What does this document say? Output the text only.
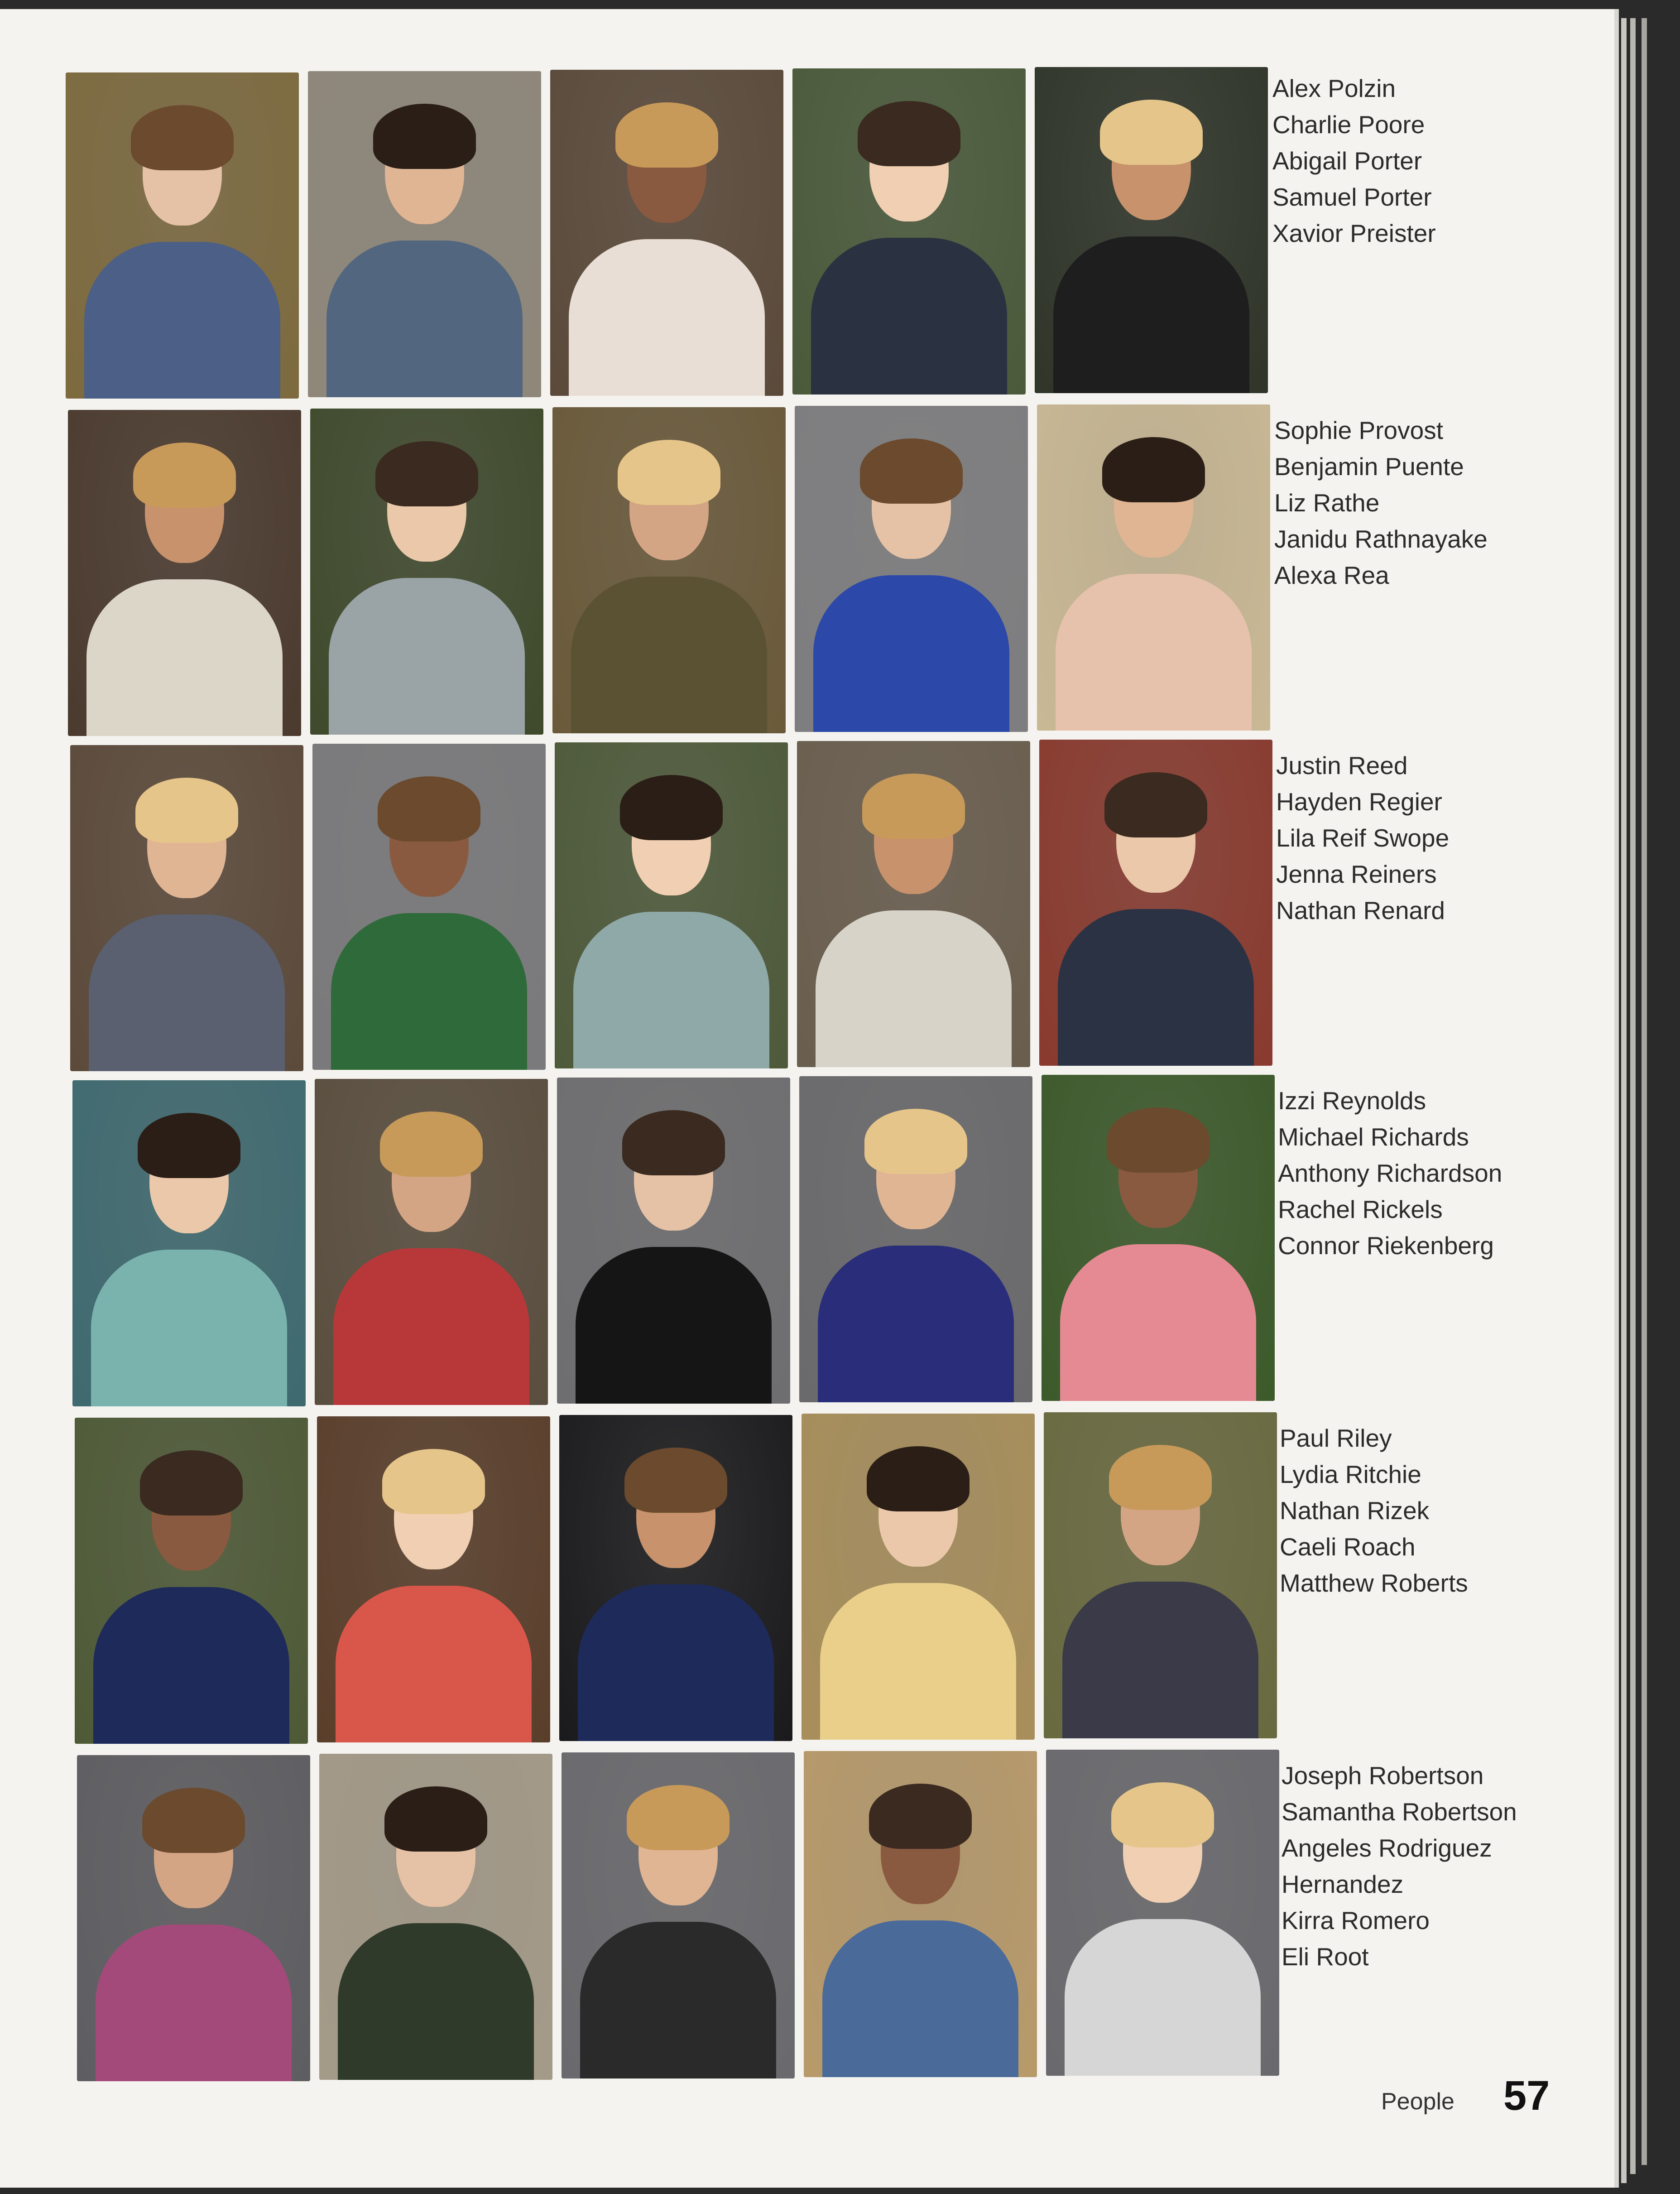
Alex Polzin
Charlie Poore
Abigail Porter
Samuel Porter
Xavior Preister
Sophie Provost
Benjamin Puente
Liz Rathe
Janidu Rathnayake
Alexa Rea
Justin Reed
Hayden Regier
Lila Reif Swope
Jenna Reiners
Nathan Renard
Izzi Reynolds
Michael Richards
Anthony Richardson
Rachel Rickels
Connor Riekenberg
Paul Riley
Lydia Ritchie
Nathan Rizek
Caeli Roach
Matthew Roberts
Joseph Robertson
Samantha Robertson
Angeles Rodriguez
Hernandez
Kirra Romero
Eli Root
People 57
